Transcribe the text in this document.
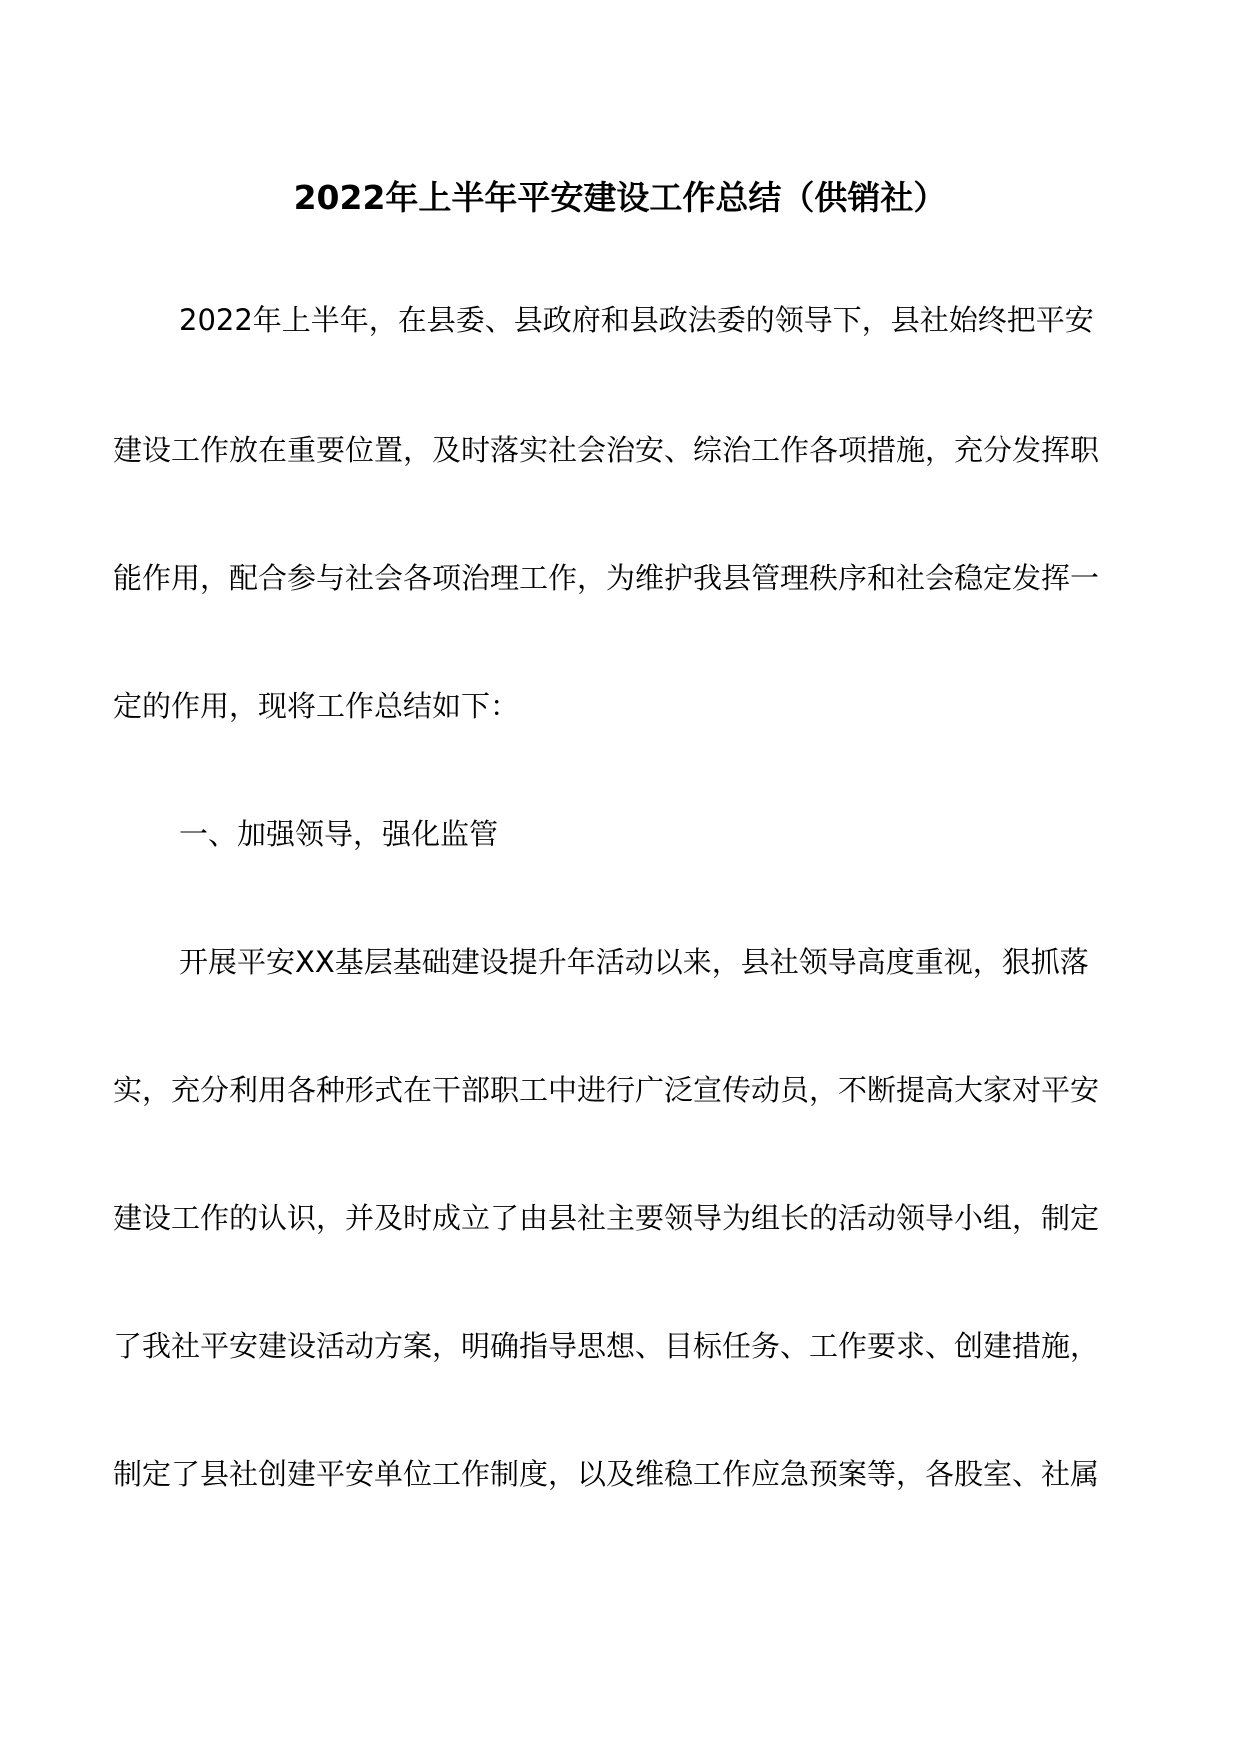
2022年上半年平安建设工作总结（供销社）
2022年上半年，在县委、县政府和县政法委的领导下，县社始终把平安
建设工作放在重要位置，及时落实社会治安、综治工作各项措施，充分发挥职
能作用，配合参与社会各项治理工作，为维护我县管理秩序和社会稳定发挥一
定的作用，现将工作总结如下：
一、加强领导，强化监管
开展平安XX基层基础建设提升年活动以来，县社领导高度重视，狠抓落
实，充分利用各种形式在干部职工中进行广泛宣传动员，不断提高大家对平安
建设工作的认识，并及时成立了由县社主要领导为组长的活动领导小组，制定
了我社平安建设活动方案，明确指导思想、目标任务、工作要求、创建措施，
制定了县社创建平安单位工作制度，以及维稳工作应急预案等，各股室、社属
